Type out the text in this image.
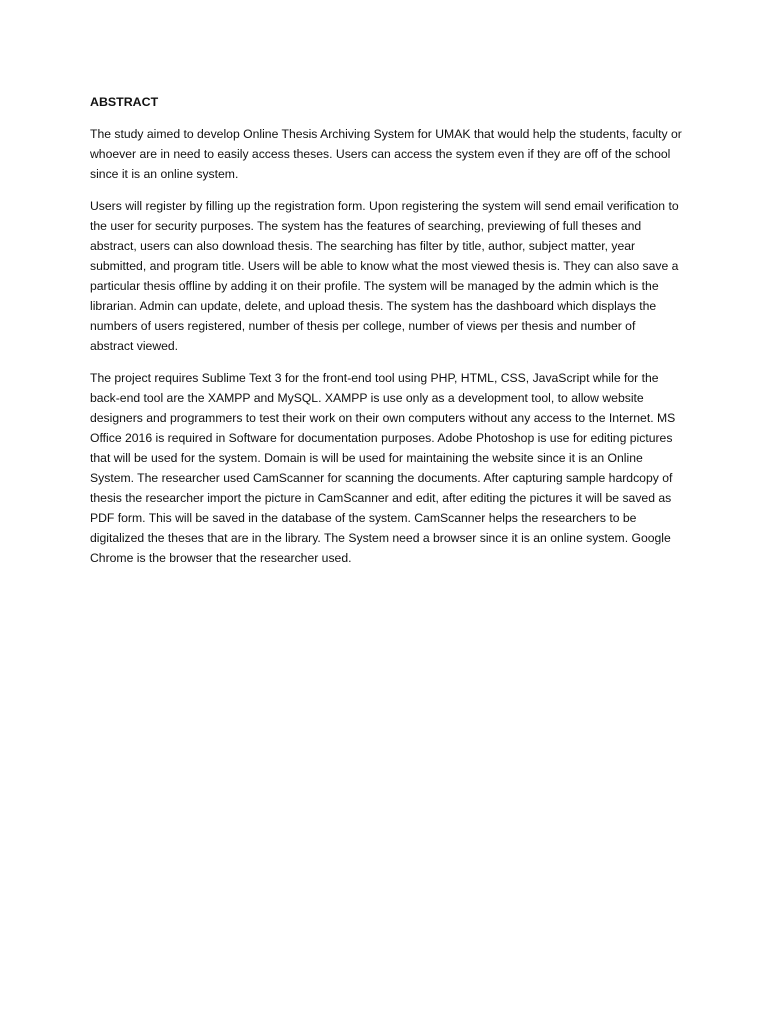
ABSTRACT

The study aimed to develop Online Thesis Archiving System for UMAK that would help the students, faculty or whoever are in need to easily access theses. Users can access the system even if they are off of the school since it is an online system.

Users will register by filling up the registration form. Upon registering the system will send email verification to the user for security purposes. The system has the features of searching, previewing of full theses and abstract, users can also download thesis. The searching has filter by title, author, subject matter, year submitted, and program title. Users will be able to know what the most viewed thesis is. They can also save a particular thesis offline by adding it on their profile. The system will be managed by the admin which is the librarian. Admin can update, delete, and upload thesis. The system has the dashboard which displays the numbers of users registered, number of thesis per college, number of views per thesis and number of abstract viewed.

The project requires Sublime Text 3 for the front-end tool using PHP, HTML, CSS, JavaScript while for the back-end tool are the XAMPP and MySQL. XAMPP is use only as a development tool, to allow website designers and programmers to test their work on their own computers without any access to the Internet. MS Office 2016 is required in Software for documentation purposes. Adobe Photoshop is use for editing pictures that will be used for the system. Domain is will be used for maintaining the website since it is an Online System. The researcher used CamScanner for scanning the documents. After capturing sample hardcopy of thesis the researcher import the picture in CamScanner and edit, after editing the pictures it will be saved as PDF form. This will be saved in the database of the system. CamScanner helps the researchers to be digitalized the theses that are in the library. The System need a browser since it is an online system. Google Chrome is the browser that the researcher used.
